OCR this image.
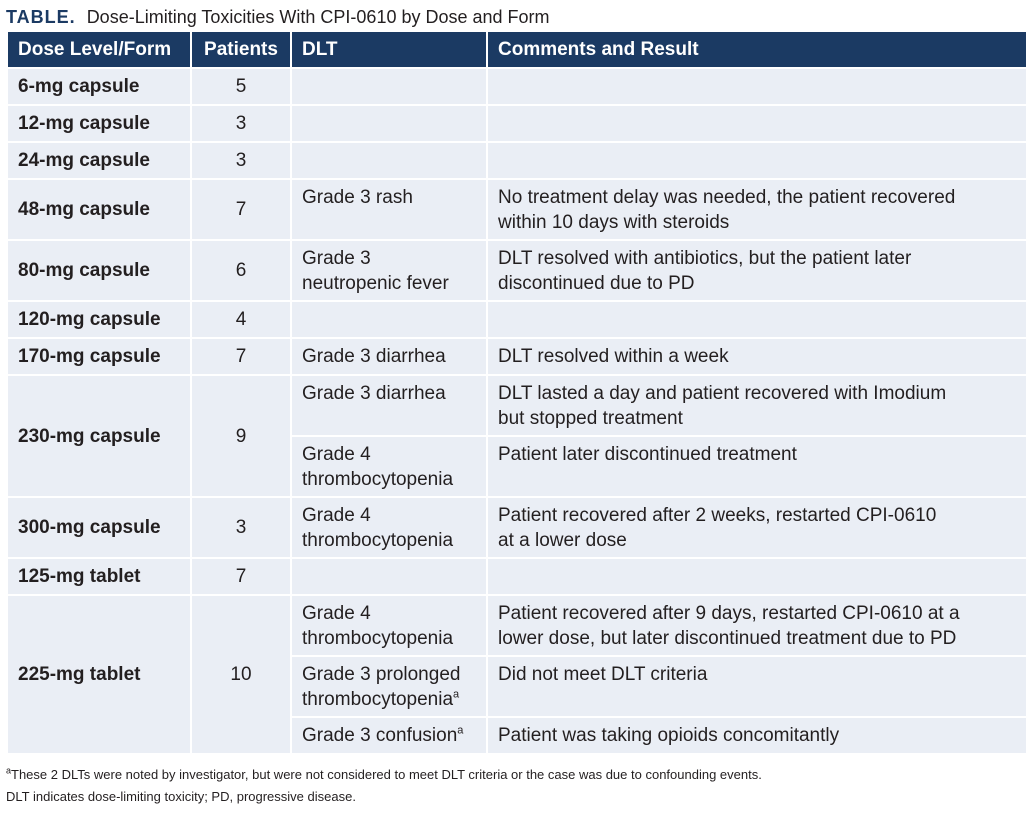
TABLE. Dose-Limiting Toxicities With CPI-0610 by Dose and Form
Dose Level/Form	Patients	DLT	Comments and Result
6-mg capsule	5		
12-mg capsule	3		
24-mg capsule	3		
48-mg capsule	7	Grade 3 rash	No treatment delay was needed, the patient recovered
within 10 days with steroids
80-mg capsule	6	Grade 3
neutropenic fever	DLT resolved with antibiotics, but the patient later
discontinued due to PD
120-mg capsule	4		
170-mg capsule	7	Grade 3 diarrhea	DLT resolved within a week
230-mg capsule	9	Grade 3 diarrhea	DLT lasted a day and patient recovered with Imodium
but stopped treatment
		Grade 4
thrombocytopenia	Patient later discontinued treatment
300-mg capsule	3	Grade 4
thrombocytopenia	Patient recovered after 2 weeks, restarted CPI-0610
at a lower dose
125-mg tablet	7		
225-mg tablet	10	Grade 4
thrombocytopenia	Patient recovered after 9 days, restarted CPI-0610 at a
lower dose, but later discontinued treatment due to PD
		Grade 3 prolonged
thrombocytopenia$^a$	Did not meet DLT criteria
		Grade 3 confusion$^a$	Patient was taking opioids concomitantly
$^a$These 2 DLTs were noted by investigator, but were not considered to meet DLT criteria or the case was due to confounding events.
DLT indicates dose-limiting toxicity; PD, progressive disease.
